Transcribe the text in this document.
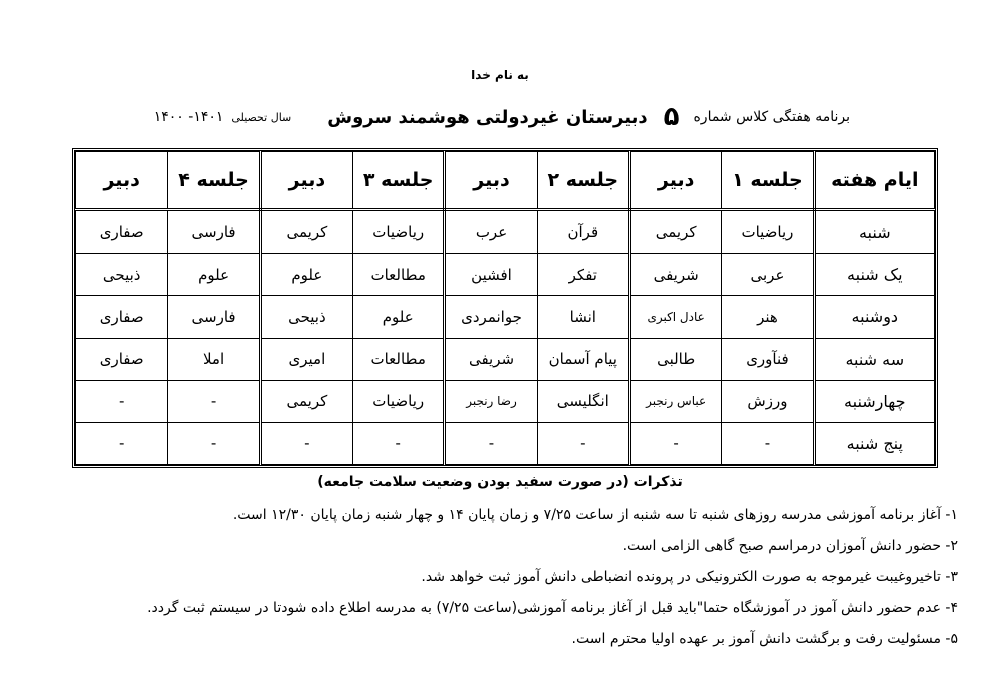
به نام خدا
برنامه هفتگی کلاس شماره
۵
دبیرستان غیردولتی هوشمند سروش
سال تحصیلی
۱۴۰۱- ۱۴۰۰
ایام هفته	جلسه ۱	دبیر	جلسه ۲	دبیر	جلسه ۳	دبیر	جلسه ۴	دبیر
شنبه	ریاضیات	کریمی	قرآن	عرب	ریاضیات	کریمی	فارسی	صفاری
یک شنبه	عربی	شریفی	تفکر	افشین	مطالعات	علوم	علوم	ذبیحی
دوشنبه	هنر	عادل اکبری	انشا	جوانمردی	علوم	ذبیحی	فارسی	صفاری
سه شنبه	فنآوری	طالبی	پیام آسمان	شریفی	مطالعات	امیری	املا	صفاری
چهارشنبه	ورزش	عباس رنجبر	انگلیسی	رضا رنجبر	ریاضیات	کریمی	-	-
پنج شنبه	-	-	-	-	-	-	-	-
تذکرات (در صورت سفید بودن وضعیت سلامت جامعه)
۱- آغاز برنامه آموزشی مدرسه روزهای شنبه تا سه شنبه از ساعت ۷/۲۵ و زمان پایان ۱۴ و چهار شنبه زمان پایان ۱۲/۳۰ است.
۲- حضور دانش آموزان درمراسم صبح گاهی الزامی است.
۳- تاخیروغیبت غیرموجه به صورت الکترونیکی در پرونده انضباطی دانش آموز ثبت خواهد شد.
۴- عدم حضور دانش آموز در آموزشگاه حتما"باید قبل از آغاز برنامه آموزشی(ساعت ۷/۲۵) به مدرسه اطلاع داده شودتا در سیستم ثبت گردد.
۵- مسئولیت رفت و برگشت دانش آموز بر عهده اولیا محترم است.
